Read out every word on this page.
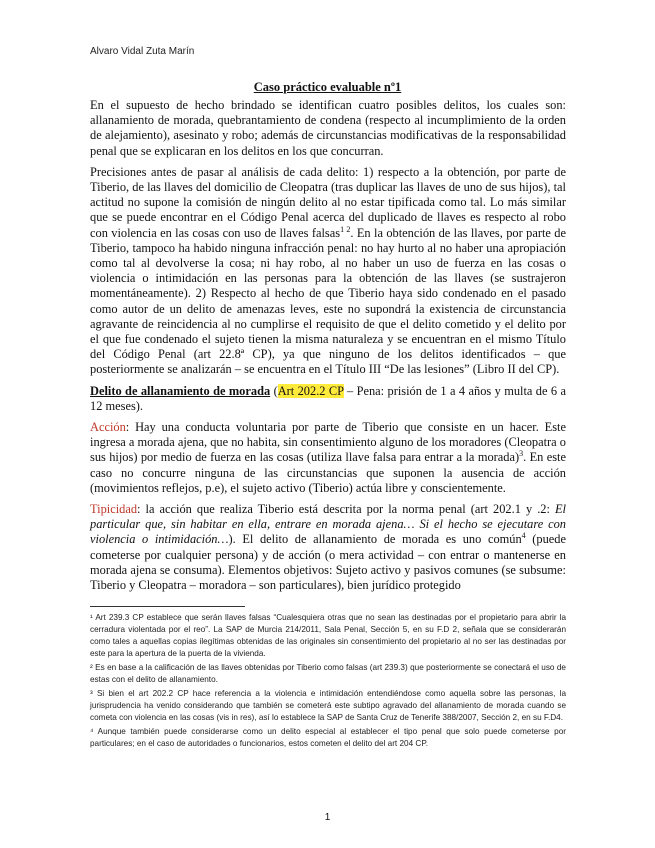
Alvaro Vidal Zuta Marín
Caso práctico evaluable nº1

En el supuesto de hecho brindado se identifican cuatro posibles delitos, los cuales son: allanamiento de morada, quebrantamiento de condena (respecto al incumplimiento de la orden de alejamiento), asesinato y robo; además de circunstancias modificativas de la responsabilidad penal que se explicaran en los delitos en los que concurran.

Precisiones antes de pasar al análisis de cada delito: 1) respecto a la obtención, por parte de Tiberio, de las llaves del domicilio de Cleopatra (tras duplicar las llaves de uno de sus hijos), tal actitud no supone la comisión de ningún delito al no estar tipificada como tal. Lo más similar que se puede encontrar en el Código Penal acerca del duplicado de llaves es respecto al robo con violencia en las cosas con uso de llaves falsas$^{1 2}$. En la obtención de las llaves, por parte de Tiberio, tampoco ha habido ninguna infracción penal: no hay hurto al no haber una apropiación como tal al devolverse la cosa; ni hay robo, al no haber un uso de fuerza en las cosas o violencia o intimidación en las personas para la obtención de las llaves (se sustrajeron momentáneamente). 2) Respecto al hecho de que Tiberio haya sido condenado en el pasado como autor de un delito de amenazas leves, este no supondrá la existencia de circunstancia agravante de reincidencia al no cumplirse el requisito de que el delito cometido y el delito por el que fue condenado el sujeto tienen la misma naturaleza y se encuentran en el mismo Título del Código Penal (art 22.8ª CP), ya que ninguno de los delitos identificados – que posteriormente se analizarán – se encuentra en el Título III “De las lesiones” (Libro II del CP).

Delito de allanamiento de morada (Art 202.2 CP – Pena: prisión de 1 a 4 años y multa de 6 a 12 meses).

Acción: Hay una conducta voluntaria por parte de Tiberio que consiste en un hacer. Este ingresa a morada ajena, que no habita, sin consentimiento alguno de los moradores (Cleopatra o sus hijos) por medio de fuerza en las cosas (utiliza llave falsa para entrar a la morada)$^3$. En este caso no concurre ninguna de las circunstancias que suponen la ausencia de acción (movimientos reflejos, p.e), el sujeto activo (Tiberio) actúa libre y conscientemente.

Tipicidad: la acción que realiza Tiberio está descrita por la norma penal (art 202.1 y .2: El particular que, sin habitar en ella, entrare en morada ajena… Si el hecho se ejecutare con violencia o intimidación…). El delito de allanamiento de morada es uno común$^4$ (puede cometerse por cualquier persona) y de acción (o mera actividad – con entrar o mantenerse en morada ajena se consuma). Elementos objetivos: Sujeto activo y pasivos comunes (se subsume: Tiberio y Cleopatra – moradora – son particulares), bien jurídico protegido

¹ Art 239.3 CP establece que serán llaves falsas “Cualesquiera otras que no sean las destinadas por el propietario para abrir la cerradura violentada por el reo”. La SAP de Murcia 214/2011, Sala Penal, Sección 5, en su F.D 2, señala que se considerarán como tales a aquellas copias ilegítimas obtenidas de las originales sin consentimiento del propietario al no ser las destinadas por este para la apertura de la puerta de la vivienda.

² Es en base a la calificación de las llaves obtenidas por Tiberio como falsas (art 239.3) que posteriormente se conectará el uso de estas con el delito de allanamiento.

³ Si bien el art 202.2 CP hace referencia a la violencia e intimidación entendiéndose como aquella sobre las personas, la jurisprudencia ha venido considerando que también se cometerá este subtipo agravado del allanamiento de morada cuando se cometa con violencia en las cosas (vis in res), así lo establece la SAP de Santa Cruz de Tenerife 388/2007, Sección 2, en su F.D4.

⁴ Aunque también puede considerarse como un delito especial al establecer el tipo penal que solo puede cometerse por particulares; en el caso de autoridades o funcionarios, estos cometen el delito del art 204 CP.

1
